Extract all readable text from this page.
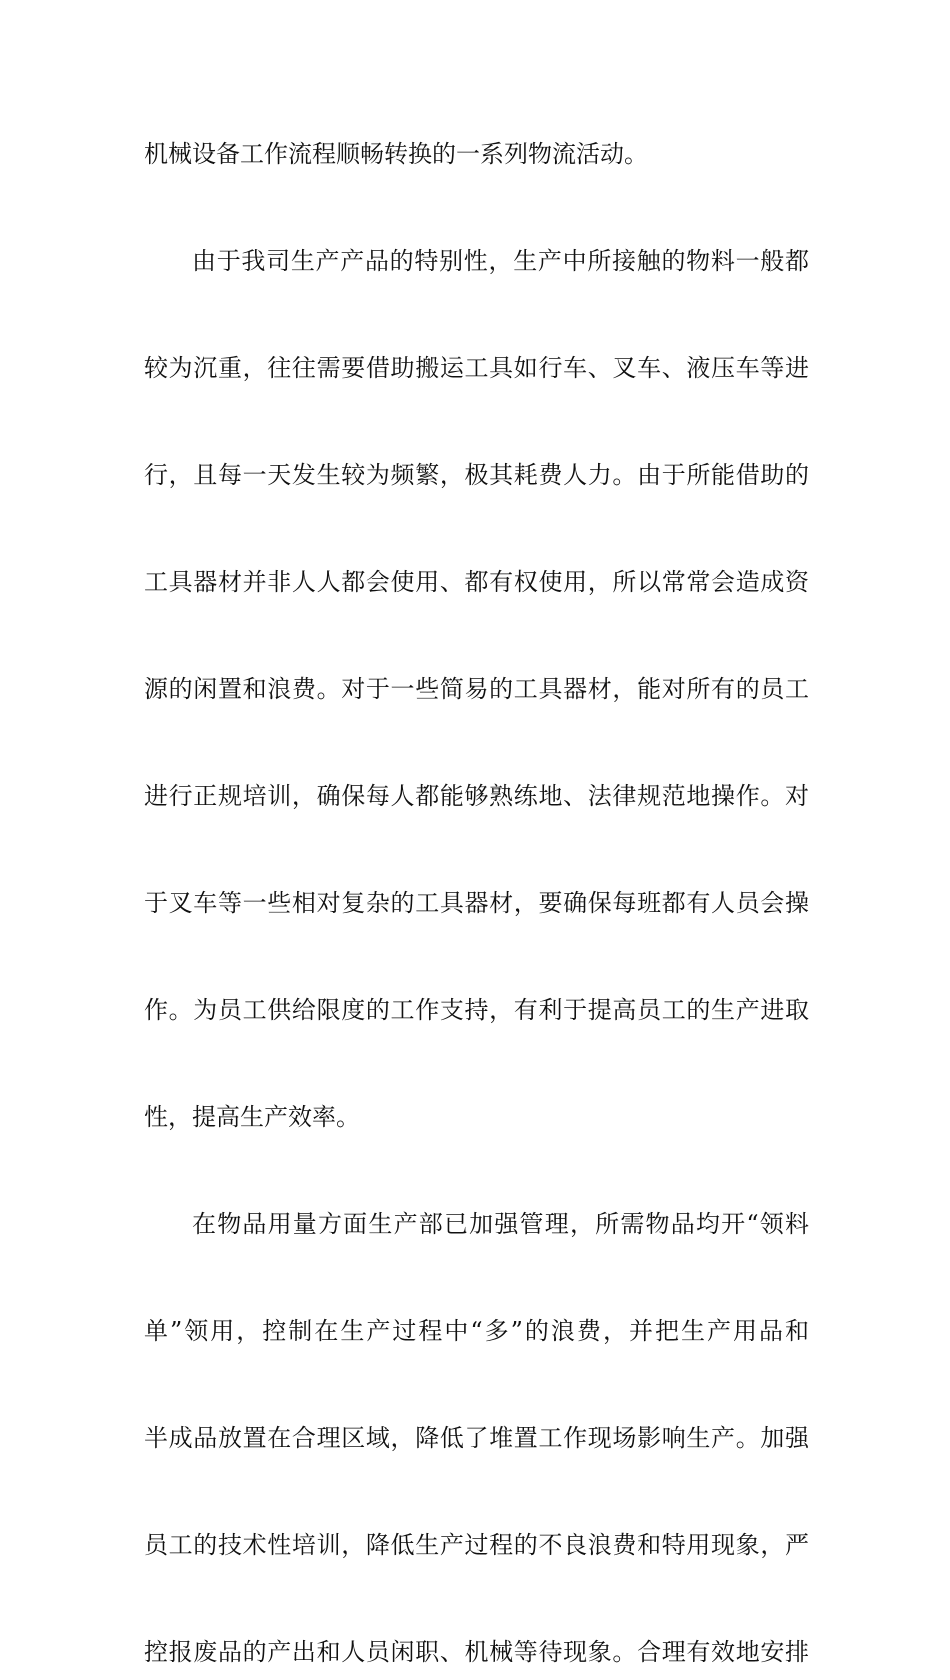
机械设备工作流程顺畅转换的一系列物流活动。
由于我司生产产品的特别性，生产中所接触的物料一般都
较为沉重，往往需要借助搬运工具如行车、叉车、液压车等进
行，且每一天发生较为频繁，极其耗费人力。由于所能借助的
工具器材并非人人都会使用、都有权使用，所以常常会造成资
源的闲置和浪费。对于一些简易的工具器材，能对所有的员工
进行正规培训，确保每人都能够熟练地、法律规范地操作。对
于叉车等一些相对复杂的工具器材，要确保每班都有人员会操
作。为员工供给限度的工作支持，有利于提高员工的生产进取
性，提高生产效率。
在物品用量方面生产部已加强管理，所需物品均开“领料
单”领用，控制在生产过程中“多”的浪费，并把生产用品和
半成品放置在合理区域，降低了堆置工作现场影响生产。加强
员工的技术性培训，降低生产过程的不良浪费和特用现象，严
控报废品的产出和人员闲职、机械等待现象。合理有效地安排
